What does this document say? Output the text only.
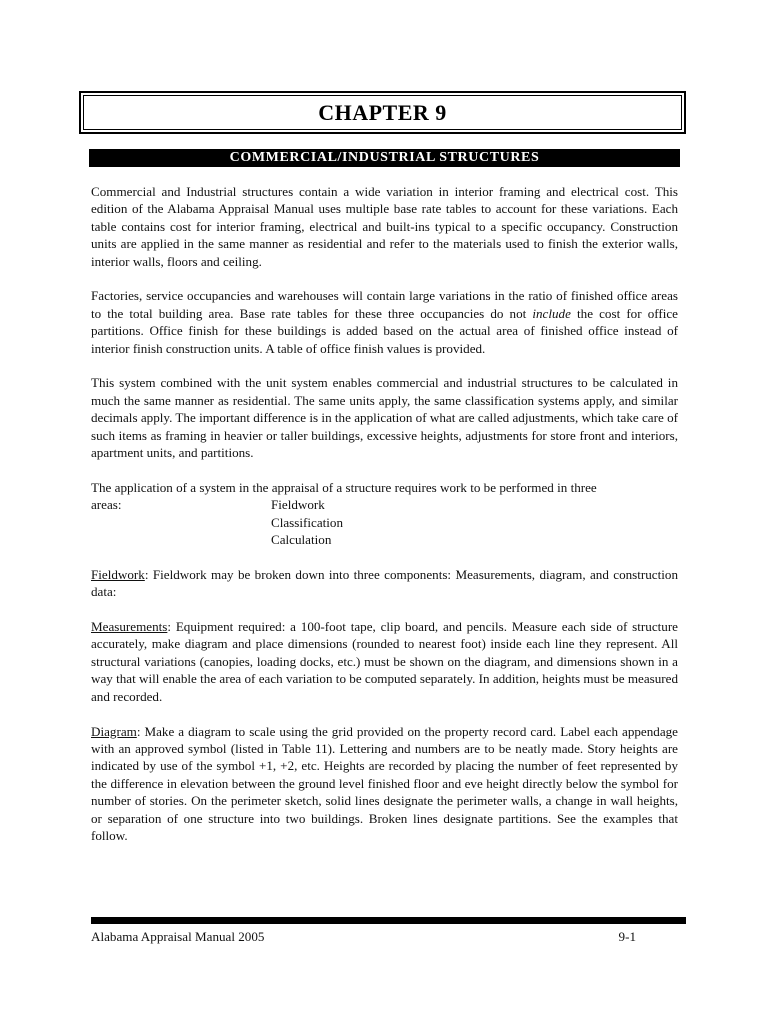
CHAPTER 9
COMMERCIAL/INDUSTRIAL STRUCTURES

Commercial and Industrial structures contain a wide variation in interior framing and electrical cost. This edition of the Alabama Appraisal Manual uses multiple base rate tables to account for these variations. Each table contains cost for interior framing, electrical and built-ins typical to a specific occupancy. Construction units are applied in the same manner as residential and refer to the materials used to finish the exterior walls, interior walls, floors and ceiling.

Factories, service occupancies and warehouses will contain large variations in the ratio of finished office areas to the total building area. Base rate tables for these three occupancies do not include the cost for office partitions. Office finish for these buildings is added based on the actual area of finished office instead of interior finish construction units. A table of office finish values is provided.

This system combined with the unit system enables commercial and industrial structures to be calculated in much the same manner as residential. The same units apply, the same classification systems apply, and similar decimals apply. The important difference is in the application of what are called adjustments, which take care of such items as framing in heavier or taller buildings, excessive heights, adjustments for store front and interiors, apartment units, and partitions.

The application of a system in the appraisal of a structure requires work to be performed in three
areas:	Fieldwork
Classification
Calculation

Fieldwork: Fieldwork may be broken down into three components: Measurements, diagram, and construction data:

Measurements: Equipment required: a 100-foot tape, clip board, and pencils. Measure each side of structure accurately, make diagram and place dimensions (rounded to nearest foot) inside each line they represent. All structural variations (canopies, loading docks, etc.) must be shown on the diagram, and dimensions shown in a way that will enable the area of each variation to be computed separately. In addition, heights must be measured and recorded.

Diagram: Make a diagram to scale using the grid provided on the property record card. Label each appendage with an approved symbol (listed in Table 11). Lettering and numbers are to be neatly made. Story heights are indicated by use of the symbol +1, +2, etc. Heights are recorded by placing the number of feet represented by the difference in elevation between the ground level finished floor and eve height directly below the symbol for number of stories. On the perimeter sketch, solid lines designate the perimeter walls, a change in wall heights, or separation of one structure into two buildings. Broken lines designate partitions. See the examples that follow.

Alabama Appraisal Manual 2005	9-1
